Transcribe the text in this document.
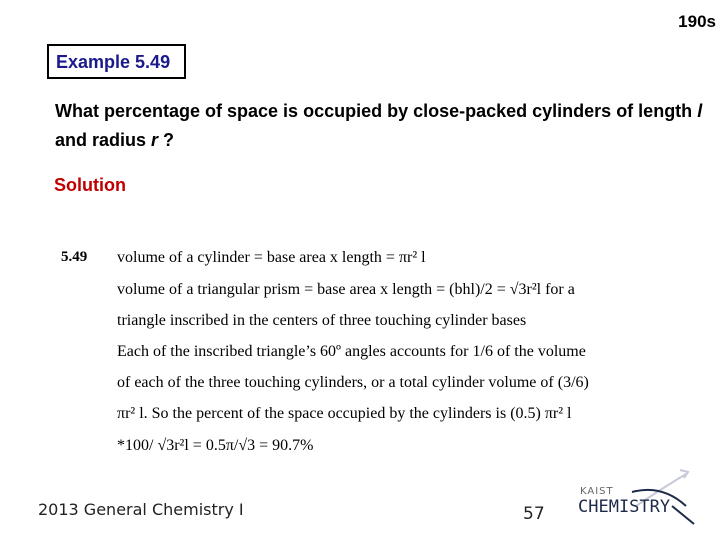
190s
Example 5.49
What percentage of space is occupied by close-packed cylinders of length l and radius r ?
Solution
5.49 volume of a cylinder = base area x length = πr² l
volume of a triangular prism = base area x length = (bhl)/2 = √3r²l for a
triangle inscribed in the centers of three touching cylinder bases
Each of the inscribed triangle’s 60º angles accounts for 1/6 of the volume
of each of the three touching cylinders, or a total cylinder volume of (3/6)
πr² l. So the percent of the space occupied by the cylinders is (0.5) πr² l
*100/ √3r²l = 0.5π/√3 = 90.7%
2013 General Chemistry I	57
KAIST
CHEMISTRY
